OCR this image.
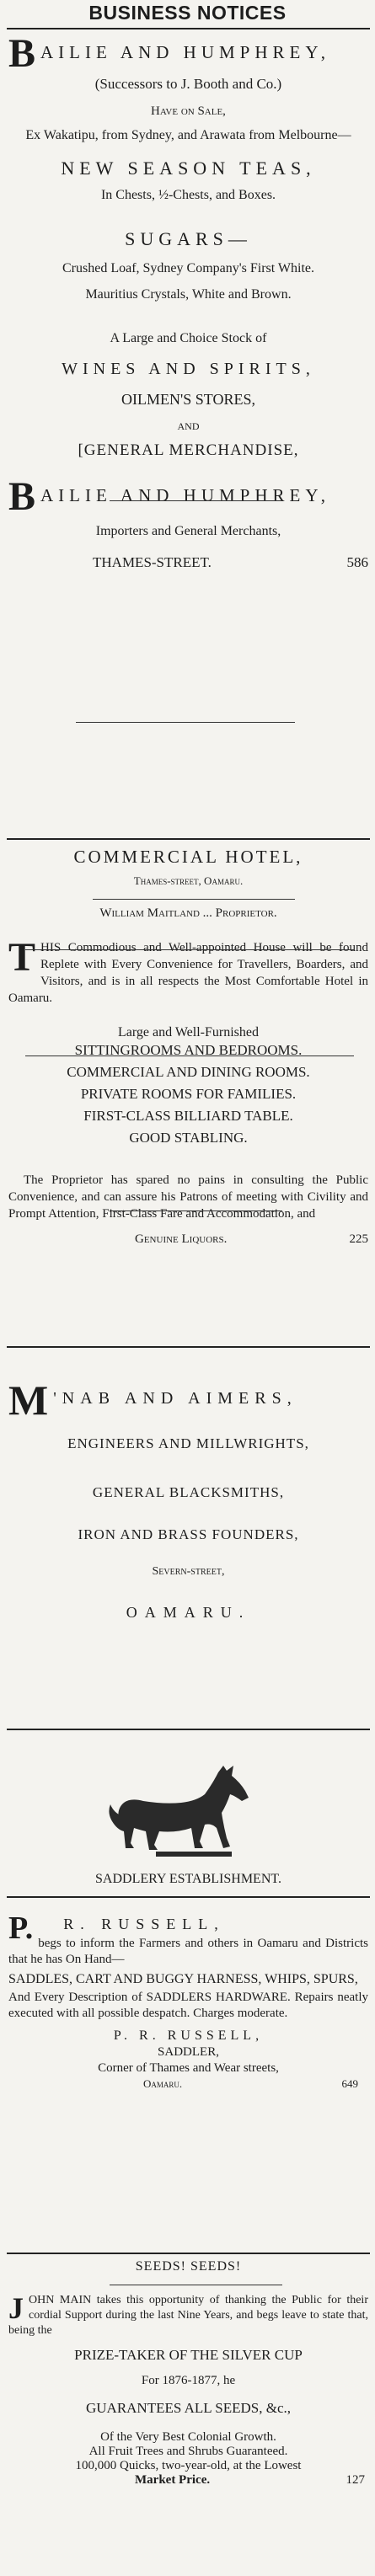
BUSINESS NOTICES
B AILIE AND HUMPHREY,
(Successors to J. Booth and Co.)
Have on Sale,
Ex Wakatipu, from Sydney, and Arawata from Melbourne—
NEW SEASON TEAS,
In Chests, ½-Chests, and Boxes.
SUGARS—
Crushed Loaf, Sydney Company's First White.
Mauritius Crystals, White and Brown.
A Large and Choice Stock of
WINES AND SPIRITS,
OILMEN'S STORES,
AND
[GENERAL MERCHANDISE,
B AILIE AND HUMPHREY,
Importers and General Merchants,
THAMES-STREET.	586
COMMERCIAL HOTEL,
Thames-street, Oamaru.
William Maitland ... Proprietor.
THIS Commodious and Well-appointed House will be found Replete with Every Convenience for Travellers, Boarders, and Visitors, and is in all respects the Most Comfortable Hotel in Oamaru.
Large and Well-Furnished
SITTINGROOMS AND BEDROOMS.
COMMERCIAL AND DINING ROOMS.
PRIVATE ROOMS FOR FAMILIES.
FIRST-CLASS BILLIARD TABLE.
GOOD STABLING.
The Proprietor has spared no pains in consulting the Public Convenience, and can assure his Patrons of meeting with Civility and Prompt Attention, First-Class Fare and Accommodation, and
Genuine Liquors.	225
M 'NAB AND AIMERS,
ENGINEERS AND MILLWRIGHTS,
GENERAL BLACKSMITHS,
IRON AND BRASS FOUNDERS,
Severn-street,
OAMARU.
SADDLERY ESTABLISHMENT.
P. R. RUSSELL,
begs to inform the Farmers and others in Oamaru and Districts that he has On Hand—
SADDLES, CART AND BUGGY HARNESS, WHIPS, SPURS,
And Every Description of SADDLERS HARDWARE. Repairs neatly executed with all possible despatch. Charges moderate.
P. R. RUSSELL,
SADDLER,
Corner of Thames and Wear streets,
Oamaru.	649
SEEDS! SEEDS!
JOHN MAIN takes this opportunity of thanking the Public for their cordial Support during the last Nine Years, and begs leave to state that, being the
PRIZE-TAKER OF THE SILVER CUP
For 1876-1877, he
GUARANTEES ALL SEEDS, &c.,
Of the Very Best Colonial Growth.
All Fruit Trees and Shrubs Guaranteed.
100,000 Quicks, two-year-old, at the Lowest
Market Price.	127
